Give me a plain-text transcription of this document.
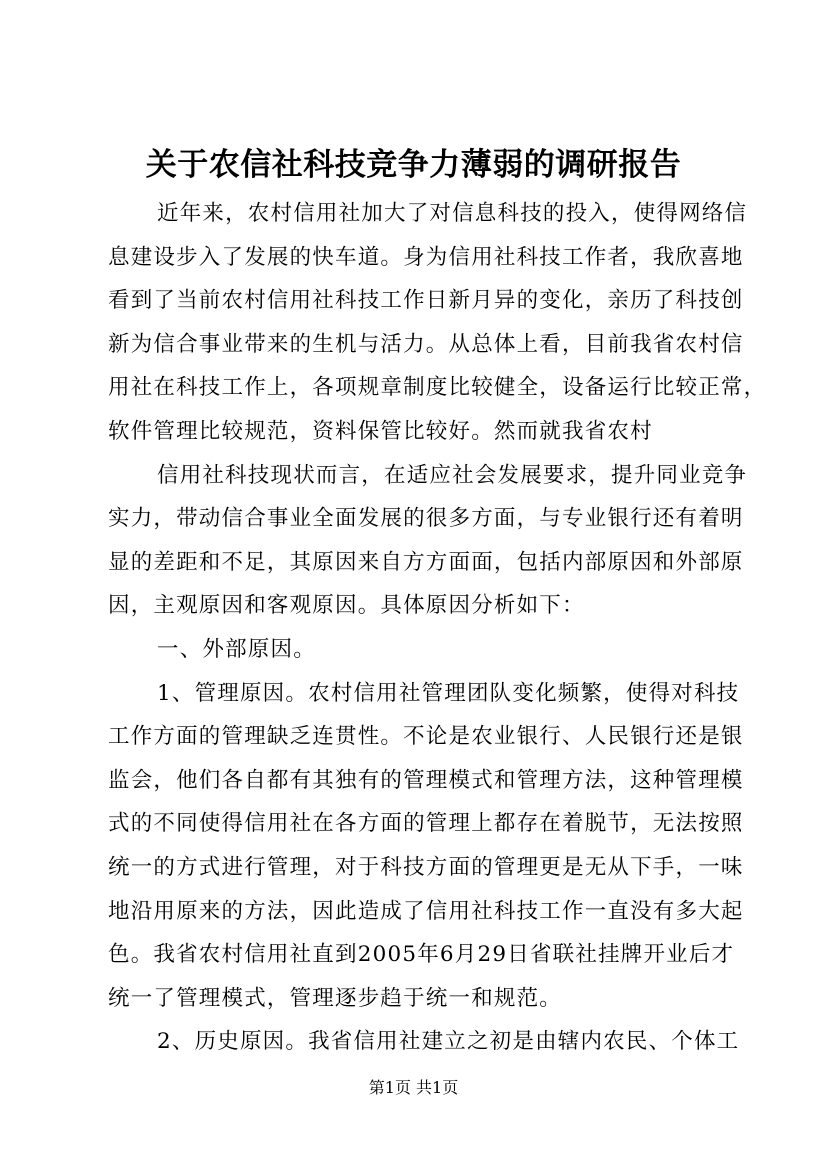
关于农信社科技竞争力薄弱的调研报告
近年来，农村信用社加大了对信息科技的投入，使得网络信
息建设步入了发展的快车道。身为信用社科技工作者，我欣喜地
看到了当前农村信用社科技工作日新月异的变化，亲历了科技创
新为信合事业带来的生机与活力。从总体上看，目前我省农村信
用社在科技工作上，各项规章制度比较健全，设备运行比较正常，
软件管理比较规范，资料保管比较好。然而就我省农村
信用社科技现状而言，在适应社会发展要求，提升同业竞争
实力，带动信合事业全面发展的很多方面，与专业银行还有着明
显的差距和不足，其原因来自方方面面，包括内部原因和外部原
因，主观原因和客观原因。具体原因分析如下：
一、外部原因。
1、管理原因。农村信用社管理团队变化频繁，使得对科技
工作方面的管理缺乏连贯性。不论是农业银行、人民银行还是银
监会，他们各自都有其独有的管理模式和管理方法，这种管理模
式的不同使得信用社在各方面的管理上都存在着脱节，无法按照
统一的方式进行管理，对于科技方面的管理更是无从下手，一味
地沿用原来的方法，因此造成了信用社科技工作一直没有多大起
色。我省农村信用社直到2005年6月29日省联社挂牌开业后才
统一了管理模式，管理逐步趋于统一和规范。
2、历史原因。我省信用社建立之初是由辖内农民、个体工
第1页 共1页
